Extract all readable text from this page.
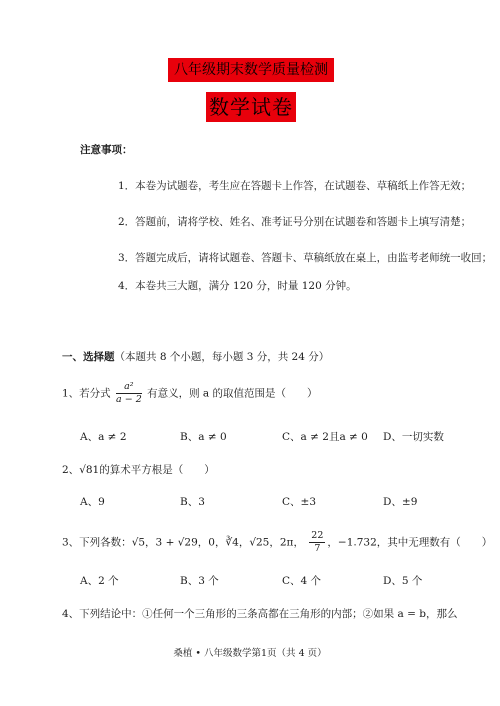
八年级期末数学质量检测
数学试卷
注意事项：
1．本卷为试题卷，考生应在答题卡上作答，在试题卷、草稿纸上作答无效；
2．答题前，请将学校、姓名、准考证号分别在试题卷和答题卡上填写清楚；
3．答题完成后，请将试题卷、答题卡、草稿纸放在桌上，由监考老师统一收回；
4．本卷共三大题，满分 120 分，时量 120 分钟。
一、选择题（本题共 8 个小题，每小题 3 分，共 24 分）
1、若分式 $\frac{\text{a²}}{a - 2}$ 有意义，则 a 的取值范围是（　　）
A、a ≠ 2	B、a ≠ 0	C、a ≠ 2且a ≠ 0 D、一切实数
2、√81的算术平方根是（　　）
A、9	B、3	C、±3	D、±9
3、下列各数：√5，3 + √29，0，∛4，√25，2π， $\frac{22}{7}$ ，−1.732，其中无理数有（　　）
A、2 个	B、3 个	C、4 个	D、5 个
4、下列结论中：①任何一个三角形的三条高都在三角形的内部；②如果 a = b，那么
桑植 • 八年级数学第1页（共 4 页）
